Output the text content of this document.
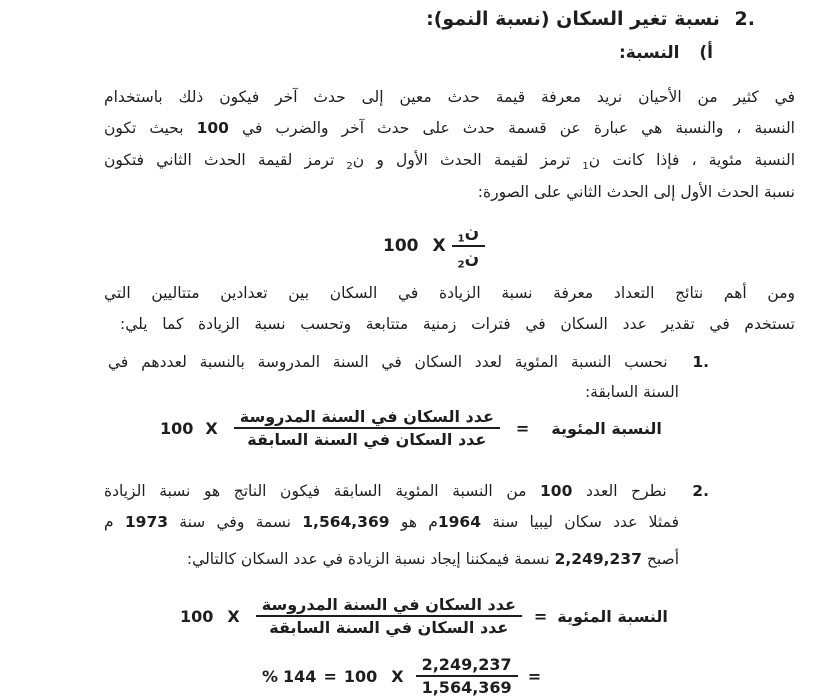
2. نسبة تغير السكان (نسبة النمو):
أ) النسبة:
في كثير من الأحيان نريد معرفة قيمة حدث معين إلى حدث آخر فيكون ذلك باستخدام
النسبة ، والنسبة هي عبارة عن قسمة حدث على حدث آخر والضرب في 100 بحيث تكون
النسبة مئوية ، فإذا كانت ن$_1$ ترمز لقيمة الحدث الأول و ن$_2$ ترمز لقيمة الحدث الثاني فتكون
نسبة الحدث الأول إلى الحدث الثاني على الصورة:
100 X $\frac{ن_1}{ن_2}$
ومن أهم نتائج التعداد معرفة نسبة الزيادة في السكان بين تعدادين متتاليين التي
تستخدم في تقدير عدد السكان في فترات زمنية متتابعة وتحسب نسبة الزيادة كما يلي:
1. نحسب النسبة المئوية لعدد السكان في السنة المدروسة بالنسبة لعددهم في
السنة السابقة:
100 X $\frac{\text{عدد السكان في السنة المدروسة}}{\text{عدد السكان في السنة السابقة}}$ = النسبة المئوية
2. نطرح العدد 100 من النسبة المئوية السابقة فيكون الناتج هو نسبة الزيادة
فمثلا عدد سكان ليبيا سنة 1964م هو 1,564,369 نسمة وفي سنة 1973 م
أصبح 2,249,237 نسمة فيمكننا إيجاد نسبة الزيادة في عدد السكان كالتالي:
100 X $\frac{\text{عدد السكان في السنة المدروسة}}{\text{عدد السكان في السنة السابقة}}$ = النسبة المئوية
% 144 = 100 X $\frac{2,249,237}{1,564,369}$ =
